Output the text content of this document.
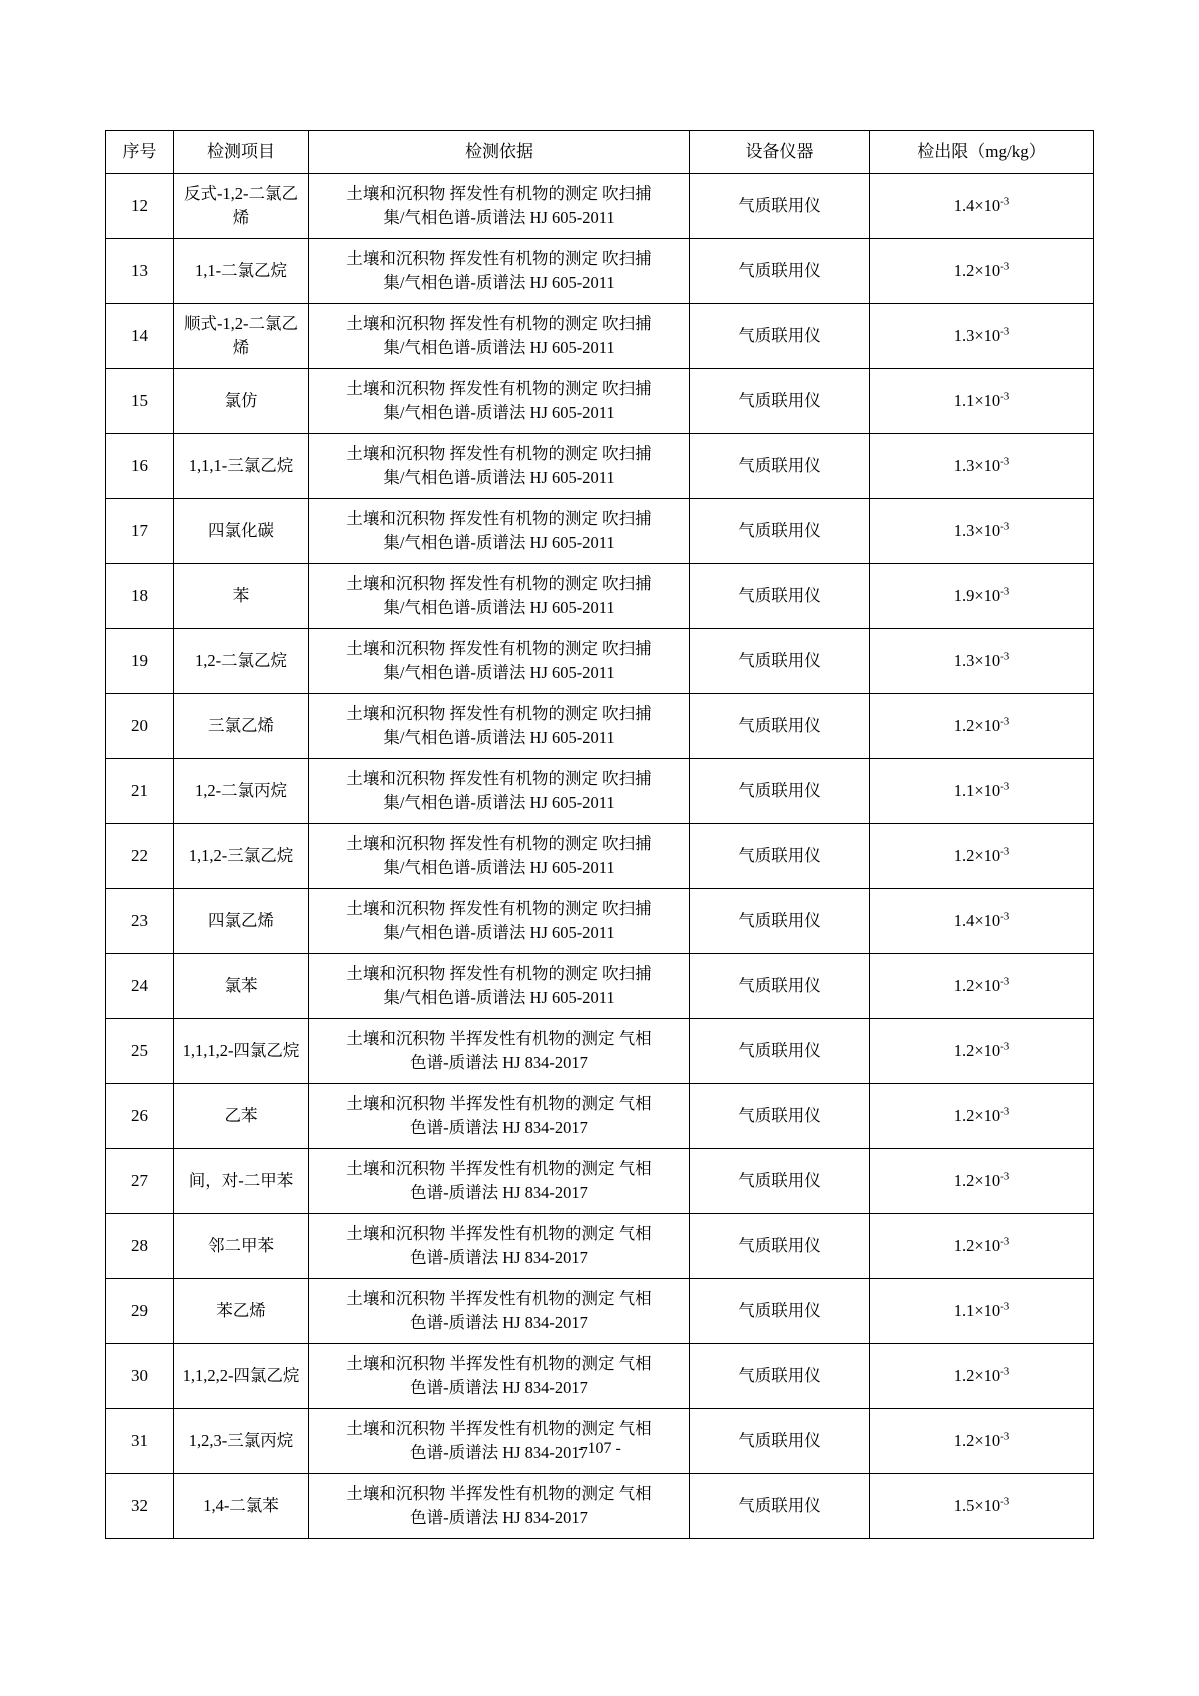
序号	检测项目	检测依据	设备仪器	检出限（mg/kg）
12	反式-1,2-二氯乙烯	土壤和沉积物 挥发性有机物的测定 吹扫捕
集/气相色谱-质谱法 HJ 605-2011	气质联用仪	$1.4\times 10^{-3}$
13	1,1-二氯乙烷	土壤和沉积物 挥发性有机物的测定 吹扫捕
集/气相色谱-质谱法 HJ 605-2011	气质联用仪	$1.2\times 10^{-3}$
14	顺式-1,2-二氯乙烯	土壤和沉积物 挥发性有机物的测定 吹扫捕
集/气相色谱-质谱法 HJ 605-2011	气质联用仪	$1.3\times 10^{-3}$
15	氯仿	土壤和沉积物 挥发性有机物的测定 吹扫捕
集/气相色谱-质谱法 HJ 605-2011	气质联用仪	$1.1\times 10^{-3}$
16	1,1,1-三氯乙烷	土壤和沉积物 挥发性有机物的测定 吹扫捕
集/气相色谱-质谱法 HJ 605-2011	气质联用仪	$1.3\times 10^{-3}$
17	四氯化碳	土壤和沉积物 挥发性有机物的测定 吹扫捕
集/气相色谱-质谱法 HJ 605-2011	气质联用仪	$1.3\times 10^{-3}$
18	苯	土壤和沉积物 挥发性有机物的测定 吹扫捕
集/气相色谱-质谱法 HJ 605-2011	气质联用仪	$1.9\times 10^{-3}$
19	1,2-二氯乙烷	土壤和沉积物 挥发性有机物的测定 吹扫捕
集/气相色谱-质谱法 HJ 605-2011	气质联用仪	$1.3\times 10^{-3}$
20	三氯乙烯	土壤和沉积物 挥发性有机物的测定 吹扫捕
集/气相色谱-质谱法 HJ 605-2011	气质联用仪	$1.2\times 10^{-3}$
21	1,2-二氯丙烷	土壤和沉积物 挥发性有机物的测定 吹扫捕
集/气相色谱-质谱法 HJ 605-2011	气质联用仪	$1.1\times 10^{-3}$
22	1,1,2-三氯乙烷	土壤和沉积物 挥发性有机物的测定 吹扫捕
集/气相色谱-质谱法 HJ 605-2011	气质联用仪	$1.2\times 10^{-3}$
23	四氯乙烯	土壤和沉积物 挥发性有机物的测定 吹扫捕
集/气相色谱-质谱法 HJ 605-2011	气质联用仪	$1.4\times 10^{-3}$
24	氯苯	土壤和沉积物 挥发性有机物的测定 吹扫捕
集/气相色谱-质谱法 HJ 605-2011	气质联用仪	$1.2\times 10^{-3}$
25	1,1,1,2-四氯乙烷	土壤和沉积物 半挥发性有机物的测定 气相
色谱-质谱法 HJ 834-2017	气质联用仪	$1.2\times 10^{-3}$
26	乙苯	土壤和沉积物 半挥发性有机物的测定 气相
色谱-质谱法 HJ 834-2017	气质联用仪	$1.2\times 10^{-3}$
27	间，对-二甲苯	土壤和沉积物 半挥发性有机物的测定 气相
色谱-质谱法 HJ 834-2017	气质联用仪	$1.2\times 10^{-3}$
28	邻二甲苯	土壤和沉积物 半挥发性有机物的测定 气相
色谱-质谱法 HJ 834-2017	气质联用仪	$1.2\times 10^{-3}$
29	苯乙烯	土壤和沉积物 半挥发性有机物的测定 气相
色谱-质谱法 HJ 834-2017	气质联用仪	$1.1\times 10^{-3}$
30	1,1,2,2-四氯乙烷	土壤和沉积物 半挥发性有机物的测定 气相
色谱-质谱法 HJ 834-2017	气质联用仪	$1.2\times 10^{-3}$
31	1,2,3-三氯丙烷	土壤和沉积物 半挥发性有机物的测定 气相
色谱-质谱法 HJ 834-2017	气质联用仪	$1.2\times 10^{-3}$
32	1,4-二氯苯	土壤和沉积物 半挥发性有机物的测定 气相
色谱-质谱法 HJ 834-2017	气质联用仪	$1.5\times 10^{-3}$
- 107 -
